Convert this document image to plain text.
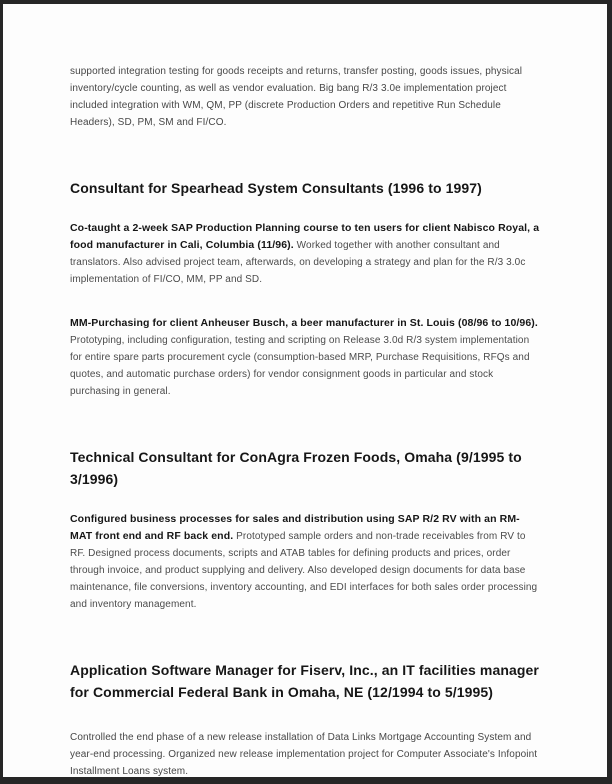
supported integration testing for goods receipts and returns, transfer posting, goods issues, physical inventory/cycle counting, as well as vendor evaluation. Big bang R/3 3.0e implementation project included integration with WM, QM, PP (discrete Production Orders and repetitive Run Schedule Headers), SD, PM, SM and FI/CO.

Consultant for Spearhead System Consultants (1996 to 1997)

Co-taught a 2-week SAP Production Planning course to ten users for client Nabisco Royal, a food manufacturer in Cali, Columbia (11/96). Worked together with another consultant and translators. Also advised project team, afterwards, on developing a strategy and plan for the R/3 3.0c implementation of FI/CO, MM, PP and SD.

MM-Purchasing for client Anheuser Busch, a beer manufacturer in St. Louis (08/96 to 10/96). Prototyping, including configuration, testing and scripting on Release 3.0d R/3 system implementation for entire spare parts procurement cycle (consumption-based MRP, Purchase Requisitions, RFQs and quotes, and automatic purchase orders) for vendor consignment goods in particular and stock purchasing in general.

Technical Consultant for ConAgra Frozen Foods, Omaha (9/1995 to 3/1996)

Configured business processes for sales and distribution using SAP R/2 RV with an RM-MAT front end and RF back end. Prototyped sample orders and non-trade receivables from RV to RF. Designed process documents, scripts and ATAB tables for defining products and prices, order through invoice, and product supplying and delivery. Also developed design documents for data base maintenance, file conversions, inventory accounting, and EDI interfaces for both sales order processing and inventory management.

Application Software Manager for Fiserv, Inc., an IT facilities manager for Commercial Federal Bank in Omaha, NE (12/1994 to 5/1995)

Controlled the end phase of a new release installation of Data Links Mortgage Accounting System and year-end processing. Organized new release implementation project for Computer Associate's Infopoint Installment Loans system.
